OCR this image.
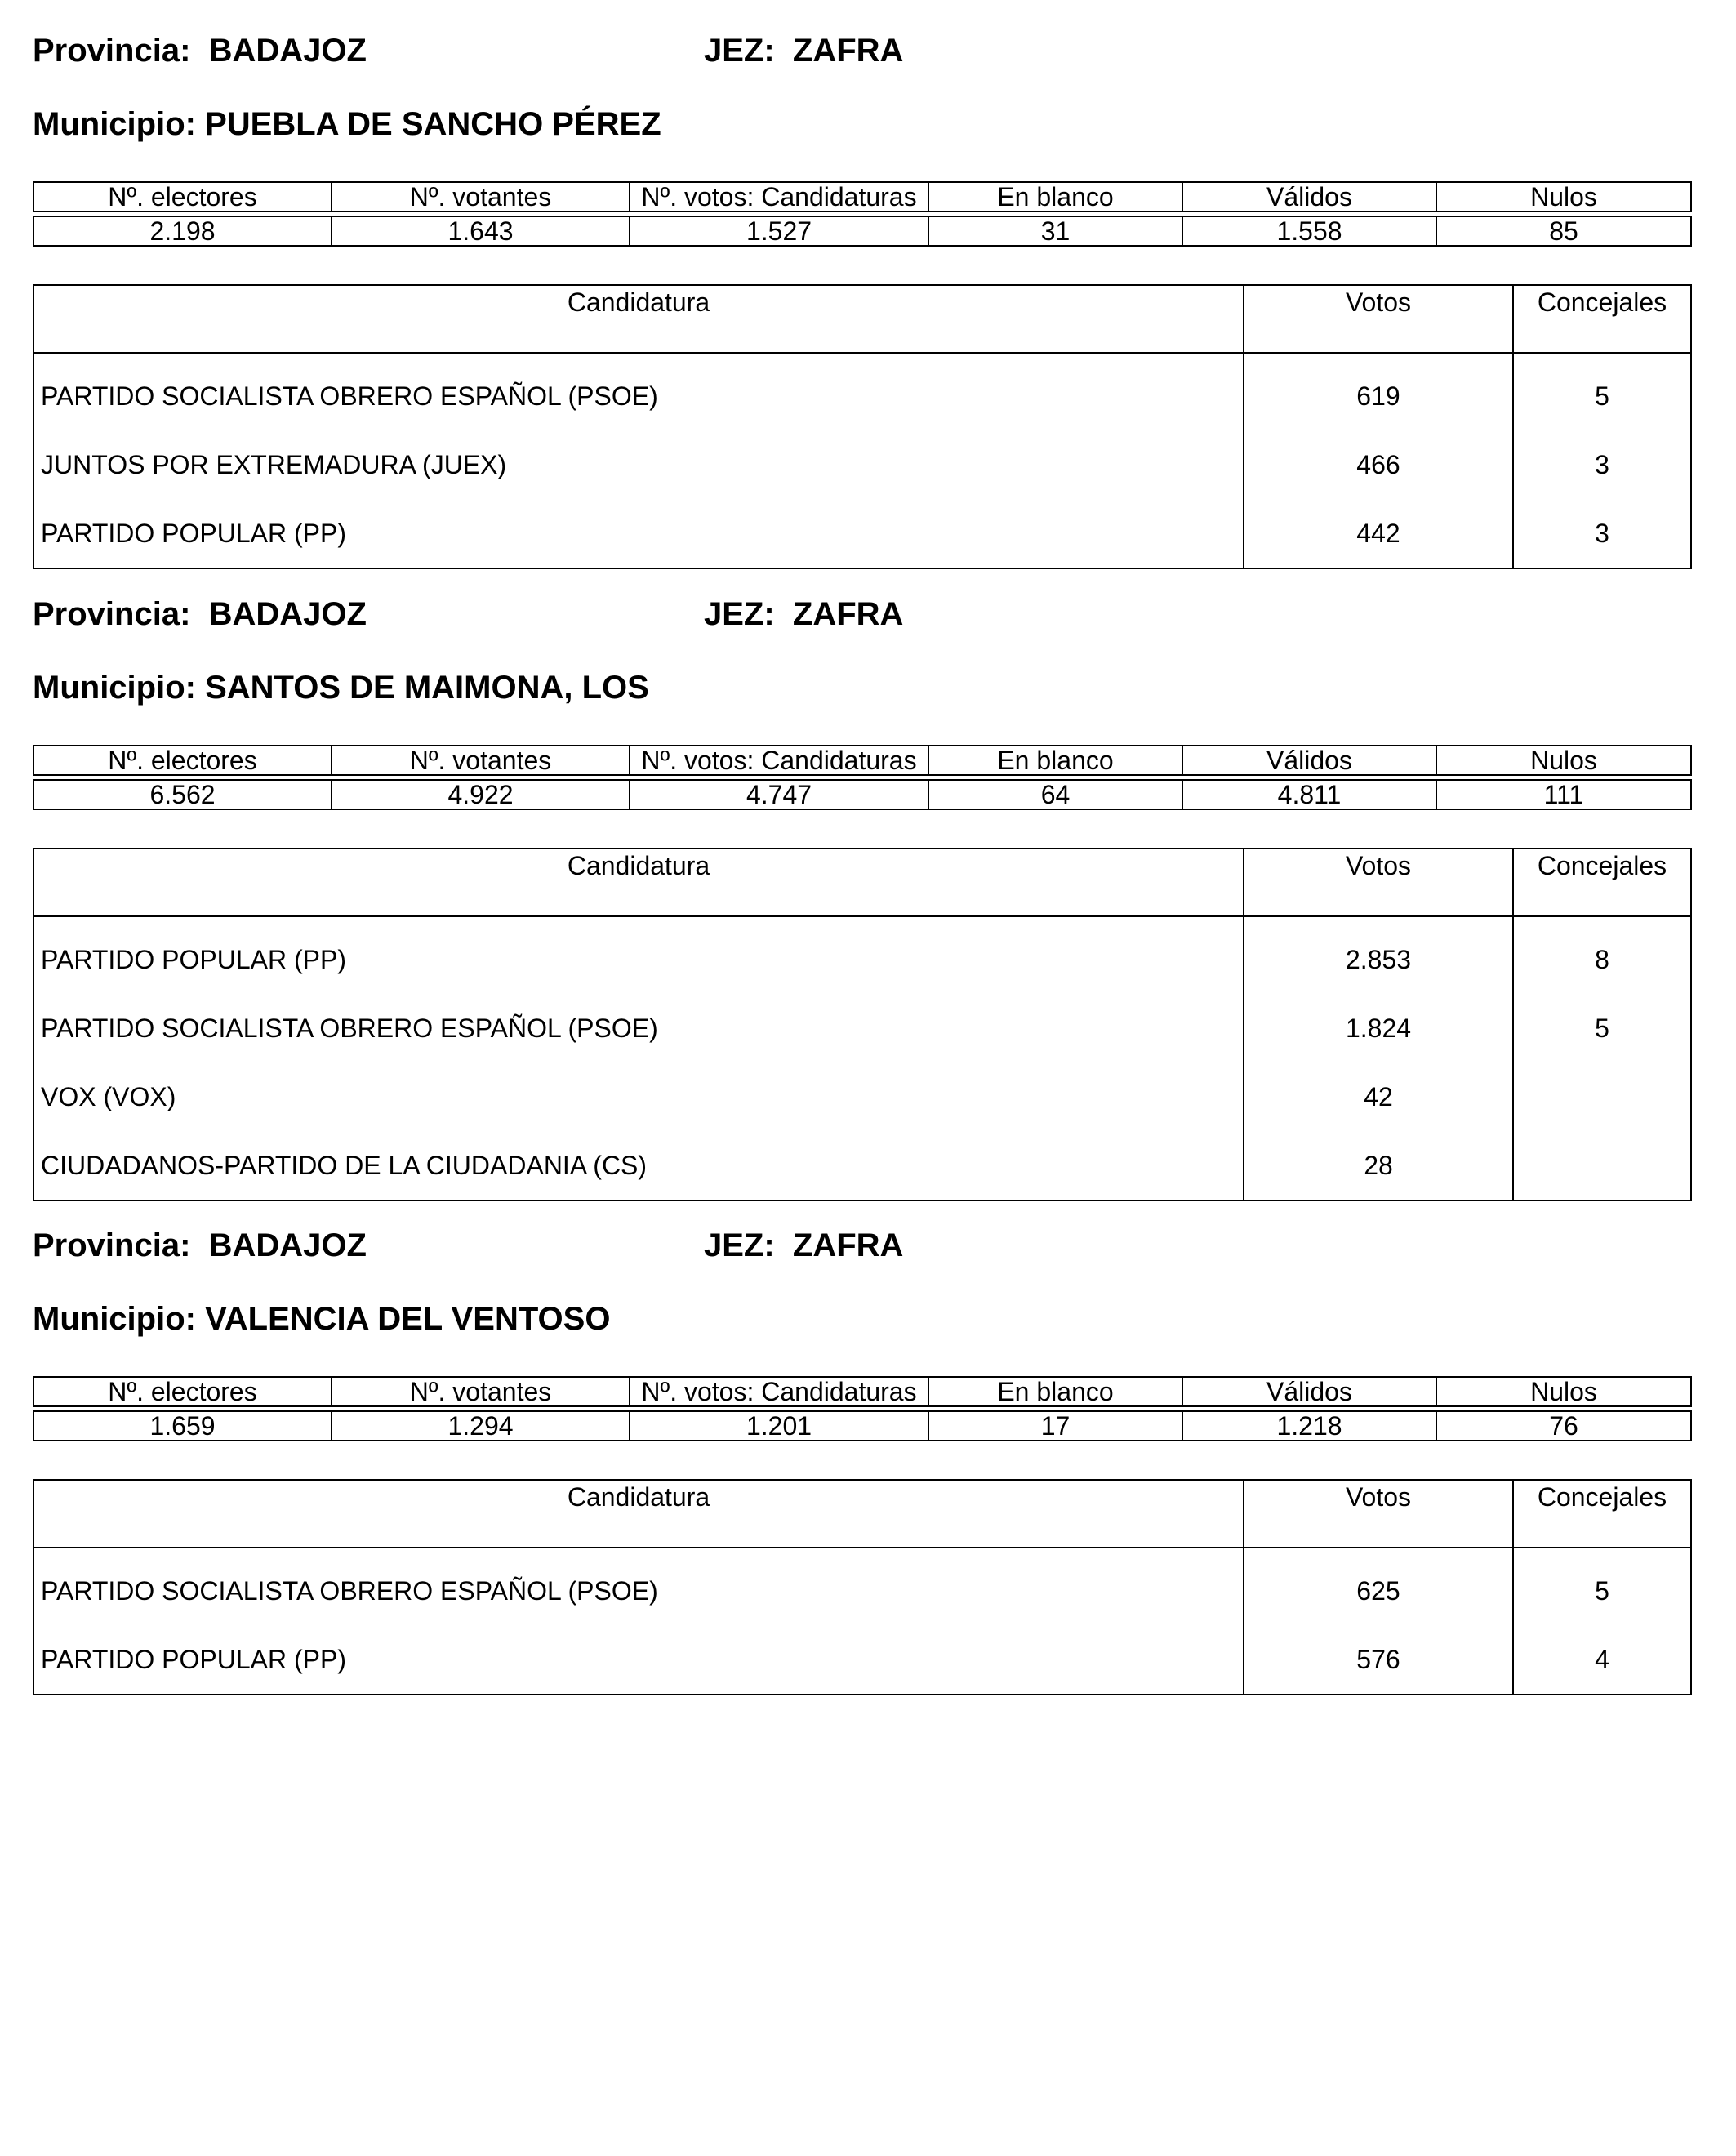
Provincia:  BADAJOZ	JEZ:  ZAFRA
Municipio: PUEBLA DE SANCHO PÉREZ
Nº. electores	Nº. votantes	Nº. votos: Candidaturas	En blanco	Válidos	Nulos

2.198	1.643	1.527	31	1.558	85
Candidatura	Votos	Concejales
PARTIDO SOCIALISTA OBRERO ESPAÑOL (PSOE)	619	5
JUNTOS POR EXTREMADURA (JUEX)	466	3
PARTIDO POPULAR (PP)	442	3
Provincia:  BADAJOZ	JEZ:  ZAFRA
Municipio: SANTOS DE MAIMONA, LOS
Nº. electores	Nº. votantes	Nº. votos: Candidaturas	En blanco	Válidos	Nulos

6.562	4.922	4.747	64	4.811	111
Candidatura	Votos	Concejales
PARTIDO POPULAR (PP)	2.853	8
PARTIDO SOCIALISTA OBRERO ESPAÑOL (PSOE)	1.824	5
VOX (VOX)	42	
CIUDADANOS-PARTIDO DE LA CIUDADANIA (CS)	28	
Provincia:  BADAJOZ	JEZ:  ZAFRA
Municipio: VALENCIA DEL VENTOSO
Nº. electores	Nº. votantes	Nº. votos: Candidaturas	En blanco	Válidos	Nulos

1.659	1.294	1.201	17	1.218	76
Candidatura	Votos	Concejales
PARTIDO SOCIALISTA OBRERO ESPAÑOL (PSOE)	625	5
PARTIDO POPULAR (PP)	576	4
